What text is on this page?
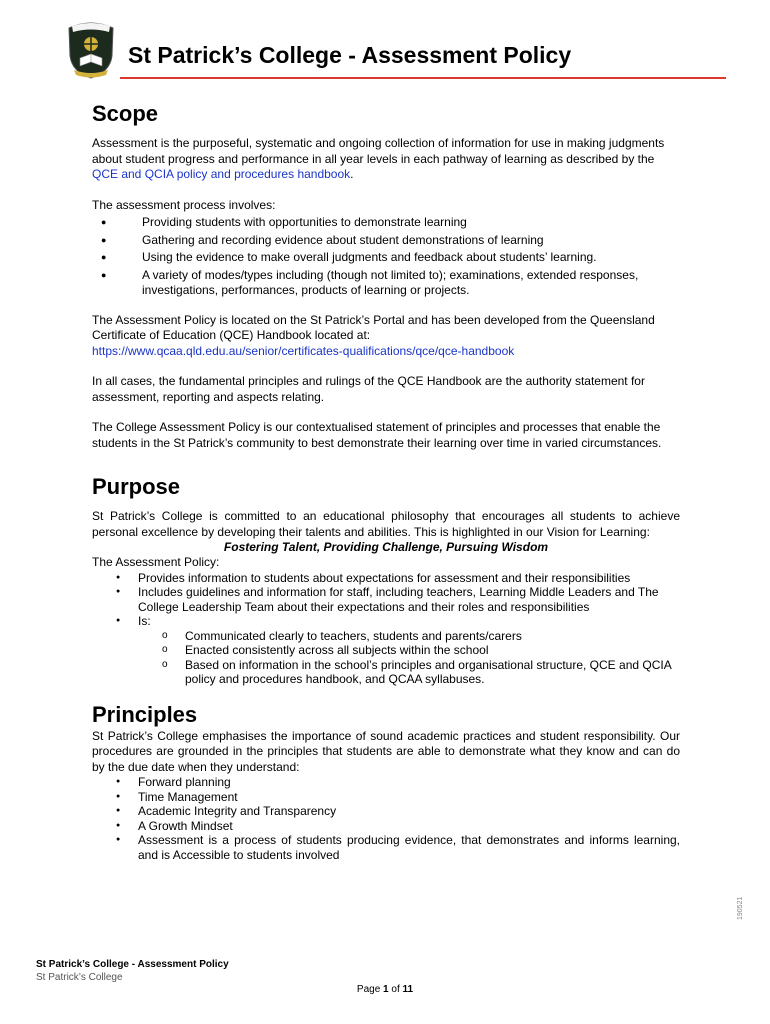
St Patrick’s College - Assessment Policy
Scope

Assessment is the purposeful, systematic and ongoing collection of information for use in making judgments about student progress and performance in all year levels in each pathway of learning as described by the QCE and QCIA policy and procedures handbook.

The assessment process involves:

● Providing students with opportunities to demonstrate learning
● Gathering and recording evidence about student demonstrations of learning
● Using the evidence to make overall judgments and feedback about students’ learning.
● A variety of modes/types including (though not limited to); examinations, extended responses, investigations, performances, products of learning or projects.

The Assessment Policy is located on the St Patrick’s Portal and has been developed from the Queensland Certificate of Education (QCE) Handbook located at:

https://www.qcaa.qld.edu.au/senior/certificates-qualifications/qce/qce-handbook

In all cases, the fundamental principles and rulings of the QCE Handbook are the authority statement for assessment, reporting and aspects relating.

The College Assessment Policy is our contextualised statement of principles and processes that enable the students in the St Patrick’s community to best demonstrate their learning over time in varied circumstances.

Purpose

St Patrick’s College is committed to an educational philosophy that encourages all students to achieve personal excellence by developing their talents and abilities. This is highlighted in our Vision for Learning:

Fostering Talent, Providing Challenge, Pursuing Wisdom

The Assessment Policy:

● Provides information to students about expectations for assessment and their responsibilities
● Includes guidelines and information for staff, including teachers, Learning Middle Leaders and The College Leadership Team about their expectations and their roles and responsibilities
● Is:
o Communicated clearly to teachers, students and parents/carers
o Enacted consistently across all subjects within the school
o Based on information in the school’s principles and organisational structure, QCE and QCIA policy and procedures handbook, and QCAA syllabuses.
Principles

St Patrick’s College emphasises the importance of sound academic practices and student responsibility. Our procedures are grounded in the principles that students are able to demonstrate what they know and can do by the due date when they understand:

● Forward planning
● Time Management
● Academic Integrity and Transparency
● A Growth Mindset
● Assessment is a process of students producing evidence, that demonstrates and informs learning, and is Accessible to students involved

190521

St Patrick’s College - Assessment Policy

St Patrick’s College

Page 1 of 11
